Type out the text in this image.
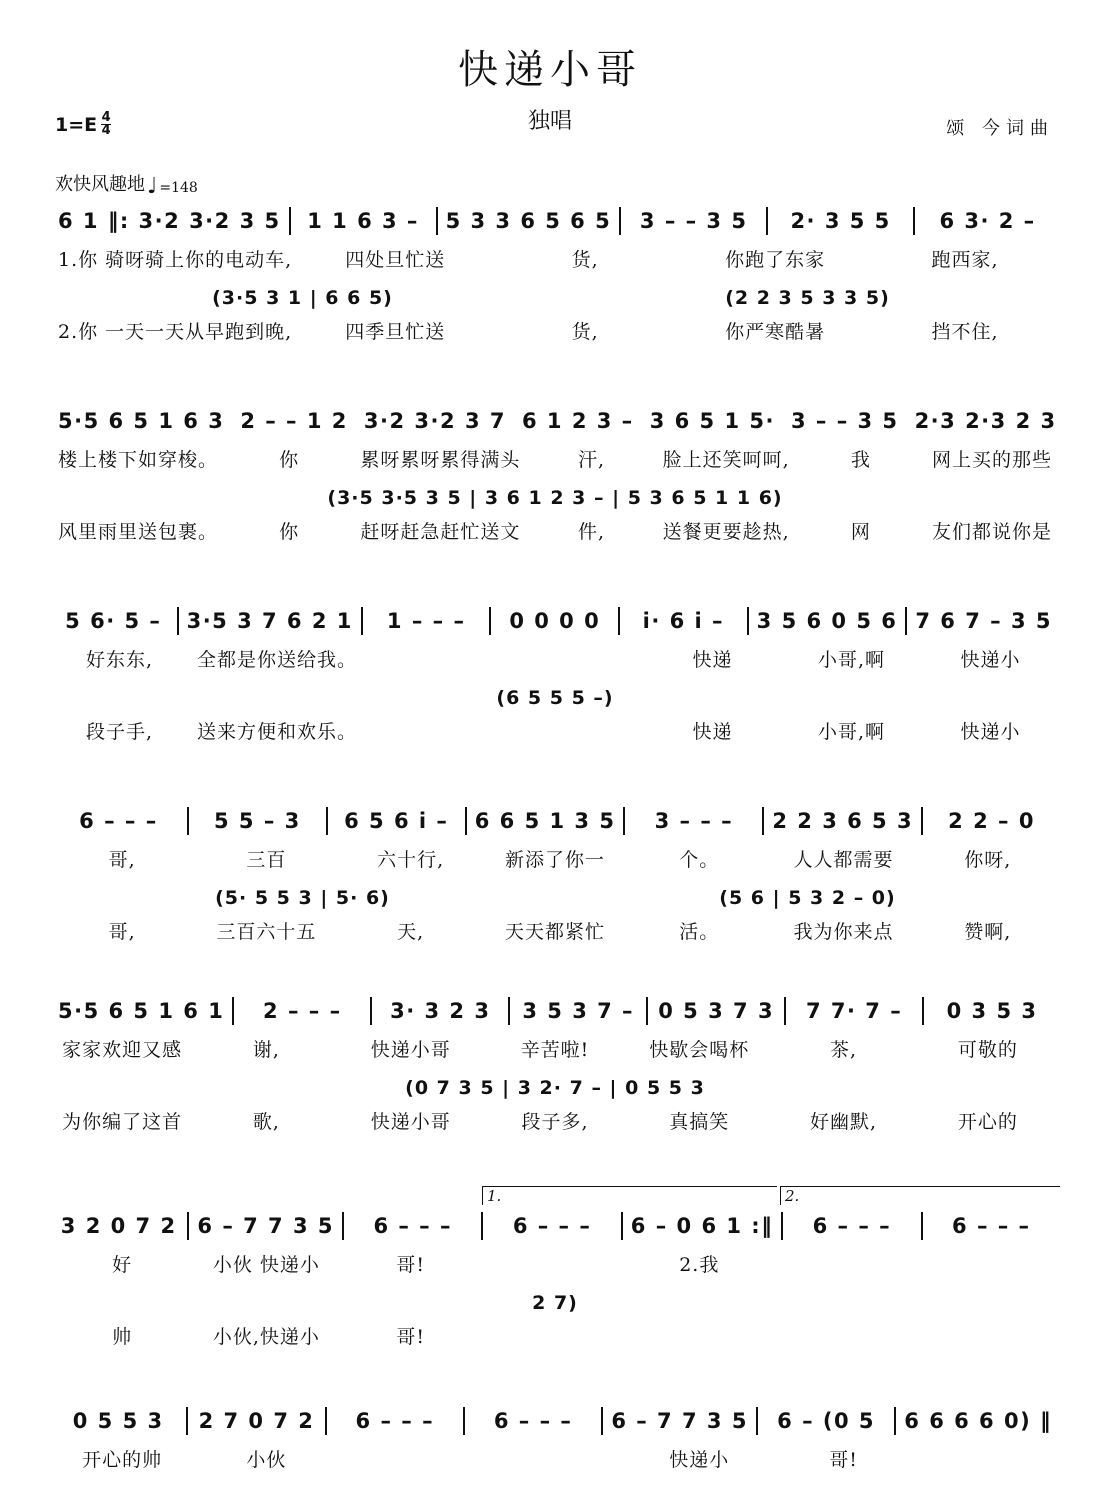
快递小哥
$1=E \frac{4}{4}$	独唱	颂 今词曲
欢快风趣地 ♩ =148
6 1 ‖: 3·2 3·2 3 5	1 1 6 3 –	5 3 3 6 5 6 5	3 – – 3 5	2· 3 5 5	6 3· 2 –
1.你 骑呀骑上你的电动车,	四处旦忙送	货,	你跑了东家	跑西家,
(3·5 3 1 | 6 6 5)	(2 2 3 5 3 3 5)
2.你 一天一天从早跑到晚,	四季旦忙送	货,	你严寒酷暑	挡不住,
5·5 6 5 1 6 3 2 – – 1 2 3·2 3·2 3 7 6 1 2 3 – 3 6 5 1 5· 3 – – 3 5 2·3 2·3 2 3
楼上楼下如穿梭。	你	累呀累呀累得满头	汗,	脸上还笑呵呵,	我	网上买的那些
(3·5 3·5 3 5 | 3 6 1 2 3 – | 5 3 6 5 1 1 6)
风里雨里送包裹。	你	赶呀赶急赶忙送文	件,	送餐更要趁热,	网	友们都说你是
5 6· 5 –	3·5 3 7 6 2 1	1 – – –	0 0 0 0	i· 6 i –	3 5 6 0 5 6 7 6 7 – 3 5
好东东,	全都是你送给我。	快递	小哥,啊	快递小
(6 5 5 5 –)
段子手,	送来方便和欢乐。	快递	小哥,啊	快递小
6 – – –	5 5 – 3	6 5 6 i –	6 6 5 1 3 5	3 – – –	2 2 3 6 5 3	2 2 – 0
哥,	三百	六十行,	新添了你一	个。	人人都需要	你呀,
(5· 5 5 3 | 5· 6)	(5 6 | 5 3 2 – 0)
哥,	三百六十五	天,	天天都紧忙	活。	我为你来点	赞啊,
5·5 6 5 1 6 1	2 – – –	3· 3 2 3	3 5 3 7 –	0 5 3 7 3	7 7· 7 –	0 3 5 3
家家欢迎又感	谢,	快递小哥	辛苦啦!	快歇会喝杯	茶,	可敬的
(0 7 3 5 | 3 2· 7 – | 0 5 5 3
为你编了这首	歌,	快递小哥	段子多,	真搞笑	好幽默,	开心的
1.	2.
3 2 0 7 2 6 – 7 7 3 5	6 – – –	6 – – –	6 – 0 6 1 :‖	6 – – –	6 – – –
好	小伙 快递小	哥!	2.我
2 7)
帅	小伙,快递小	哥!
0 5 5 3	2 7 0 7 2	6 – – –	6 – – –	6 – 7 7 3 5	6 – (0 5	6 6 6 6 0) ‖
开心的帅	小伙	快递小	哥!
